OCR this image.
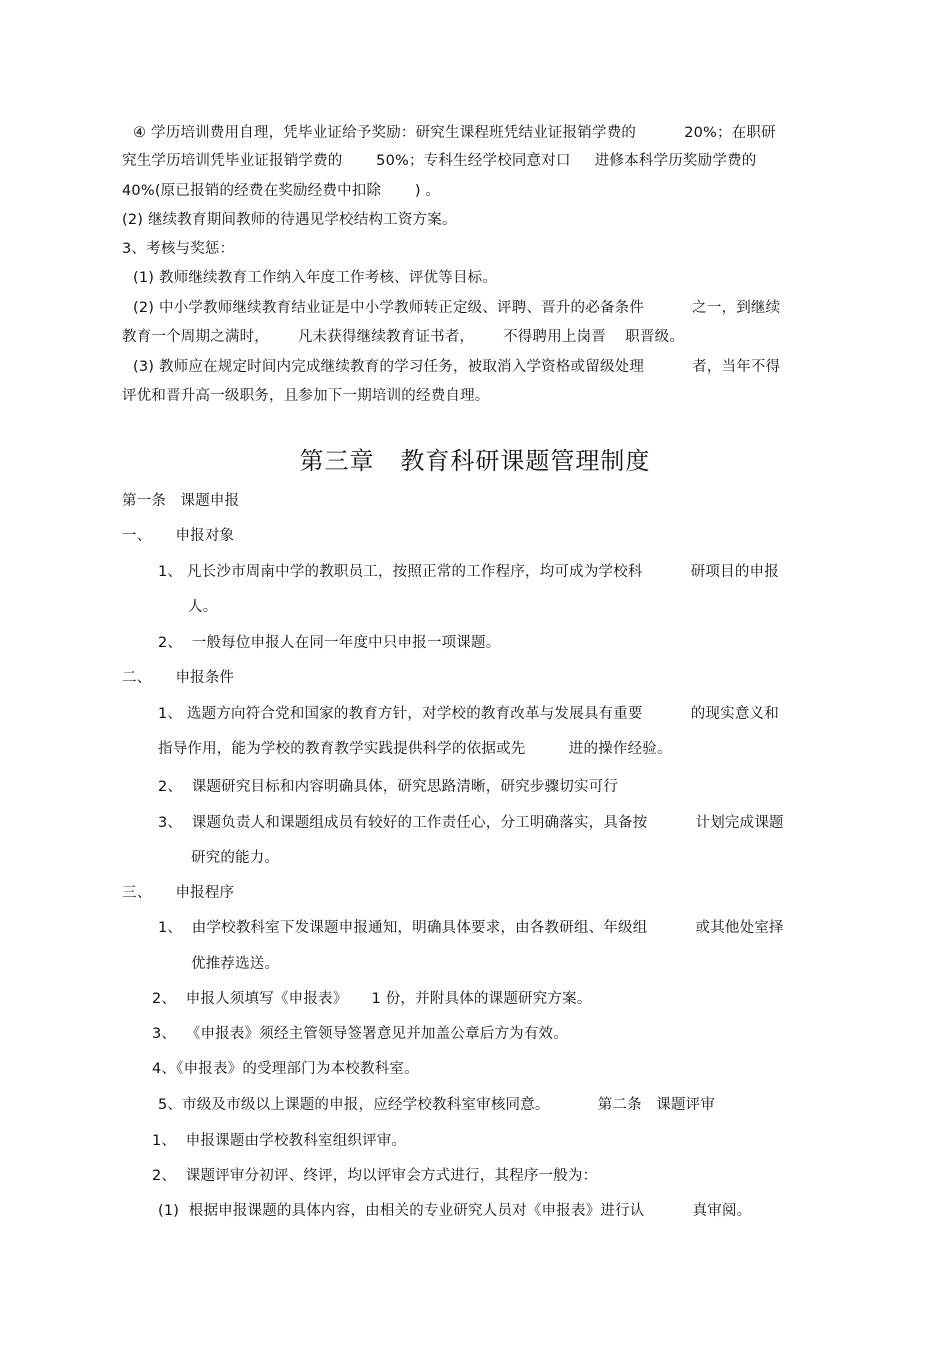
④ 学历培训费用自理，凭毕业证给予奖励：研究生课程班凭结业证报销学费的          20%；在职研
究生学历培训凭毕业证报销学费的       50%；专科生经学校同意对口     进修本科学历奖励学费的
40%(原已报销的经费在奖励经费中扣除       ) 。
(2) 继续教育期间教师的待遇见学校结构工资方案。
3、考核与奖惩：
(1) 教师继续教育工作纳入年度工作考核、评优等目标。
(2) 中小学教师继续教育结业证是中小学教师转正定级、评聘、晋升的必备条件          之一，到继续
教育一个周期之满时，      凡未获得继续教育证书者，      不得聘用上岗晋    职晋级。
(3) 教师应在规定时间内完成继续教育的学习任务，被取消入学资格或留级处理          者，当年不得
评优和晋升高一级职务，且参加下一期培训的经费自理。
第三章   教育科研课题管理制度
第一条   课题申报
一、     申报对象
1、 凡长沙市周南中学的教职员工，按照正常的工作程序，均可成为学校科          研项目的申报
人。
2、  一般每位申报人在同一年度中只申报一项课题。
二、     申报条件
1、 选题方向符合党和国家的教育方针，对学校的教育改革与发展具有重要          的现实意义和
指导作用，能为学校的教育教学实践提供科学的依据或先         进的操作经验。
2、  课题研究目标和内容明确具体，研究思路清晰，研究步骤切实可行
3、  课题负责人和课题组成员有较好的工作责任心，分工明确落实，具备按          计划完成课题
研究的能力。
三、     申报程序
1、  由学校教科室下发课题申报通知，明确具体要求，由各教研组、年级组          或其他处室择
优推荐选送。
2、  申报人须填写《申报表》     1 份，并附具体的课题研究方案。
3、  《申报表》须经主管领导签署意见并加盖公章后方为有效。
4、《申报表》的受理部门为本校教科室。
5、市级及市级以上课题的申报，应经学校教科室审核同意。          第二条   课题评审
1、  申报课题由学校教科室组织评审。
2、  课题评审分初评、终评，均以评审会方式进行，其程序一般为：
(1)  根据申报课题的具体内容，由相关的专业研究人员对《申报表》进行认          真审阅。
